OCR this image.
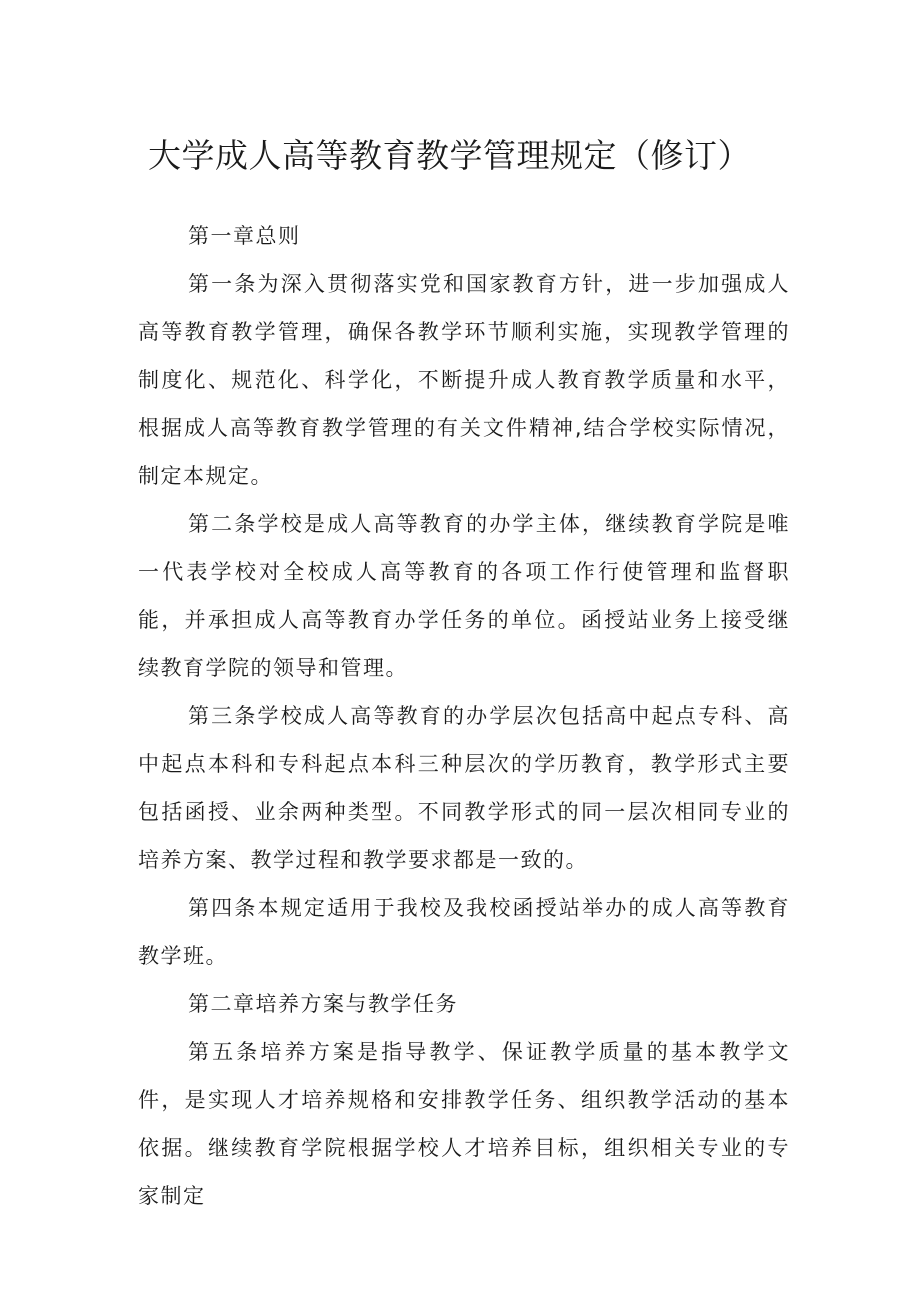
大学成人高等教育教学管理规定（修订）

第一章总则

第一条为深入贯彻落实党和国家教育方针，进一步加强成人高等教育教学管理，确保各教学环节顺利实施，实现教学管理的制度化、规范化、科学化，不断提升成人教育教学质量和水平，根据成人高等教育教学管理的有关文件精神,结合学校实际情况，制定本规定。

第二条学校是成人高等教育的办学主体，继续教育学院是唯一代表学校对全校成人高等教育的各项工作行使管理和监督职能，并承担成人高等教育办学任务的单位。函授站业务上接受继续教育学院的领导和管理。

第三条学校成人高等教育的办学层次包括高中起点专科、高中起点本科和专科起点本科三种层次的学历教育，教学形式主要包括函授、业余两种类型。不同教学形式的同一层次相同专业的培养方案、教学过程和教学要求都是一致的。

第四条本规定适用于我校及我校函授站举办的成人高等教育教学班。

第二章培养方案与教学任务

第五条培养方案是指导教学、保证教学质量的基本教学文件，是实现人才培养规格和安排教学任务、组织教学活动的基本依据。继续教育学院根据学校人才培养目标，组织相关专业的专家制定
